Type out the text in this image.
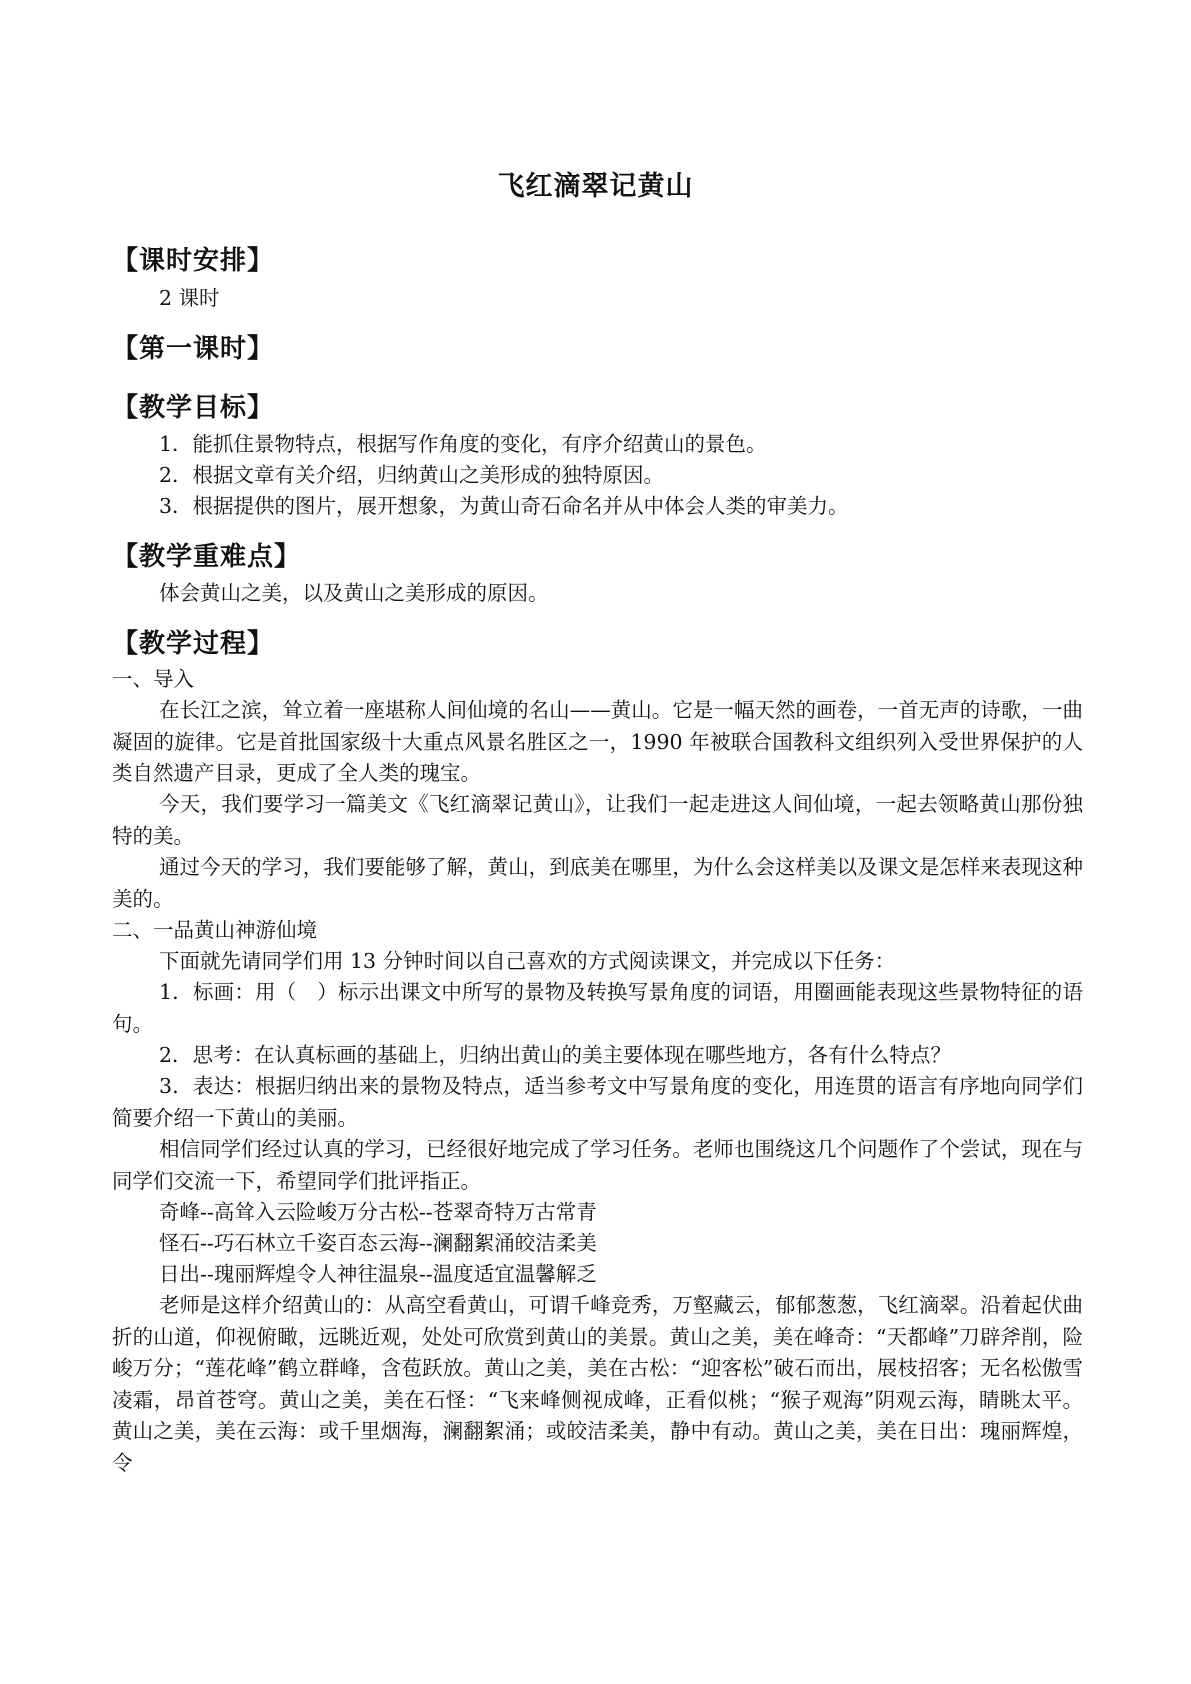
飞红滴翠记黄山
【课时安排】
2 课时
【第一课时】
【教学目标】
1．能抓住景物特点，根据写作角度的变化，有序介绍黄山的景色。
2．根据文章有关介绍，归纳黄山之美形成的独特原因。
3．根据提供的图片，展开想象，为黄山奇石命名并从中体会人类的审美力。
【教学重难点】
体会黄山之美，以及黄山之美形成的原因。
【教学过程】
一、导入
在长江之滨，耸立着一座堪称人间仙境的名山——黄山。它是一幅天然的画卷，一首无声的诗歌，一曲凝固的旋律。它是首批国家级十大重点风景名胜区之一，1990 年被联合国教科文组织列入受世界保护的人类自然遗产目录，更成了全人类的瑰宝。
今天，我们要学习一篇美文《飞红滴翠记黄山》，让我们一起走进这人间仙境，一起去领略黄山那份独特的美。
通过今天的学习，我们要能够了解，黄山，到底美在哪里，为什么会这样美以及课文是怎样来表现这种美的。
二、一品黄山神游仙境
下面就先请同学们用 13 分钟时间以自己喜欢的方式阅读课文，并完成以下任务：
1．标画：用（　）标示出课文中所写的景物及转换写景角度的词语，用圈画能表现这些景物特征的语句。
2．思考：在认真标画的基础上，归纳出黄山的美主要体现在哪些地方，各有什么特点？
3．表达：根据归纳出来的景物及特点，适当参考文中写景角度的变化，用连贯的语言有序地向同学们简要介绍一下黄山的美丽。
相信同学们经过认真的学习，已经很好地完成了学习任务。老师也围绕这几个问题作了个尝试，现在与同学们交流一下，希望同学们批评指正。
奇峰--高耸入云险峻万分古松--苍翠奇特万古常青
怪石--巧石林立千姿百态云海--澜翻絮涌皎洁柔美
日出--瑰丽辉煌令人神往温泉--温度适宜温馨解乏
老师是这样介绍黄山的：从高空看黄山，可谓千峰竞秀，万壑藏云，郁郁葱葱，飞红滴翠。沿着起伏曲折的山道，仰视俯瞰，远眺近观，处处可欣赏到黄山的美景。黄山之美，美在峰奇：“天都峰”刀辟斧削，险峻万分；“莲花峰”鹤立群峰，含苞跃放。黄山之美，美在古松：“迎客松”破石而出，展枝招客；无名松傲雪凌霜，昂首苍穹。黄山之美，美在石怪：“飞来峰侧视成峰，正看似桃；“猴子观海”阴观云海，睛眺太平。黄山之美，美在云海：或千里烟海，澜翻絮涌；或皎洁柔美，静中有动。黄山之美，美在日出：瑰丽辉煌，令
